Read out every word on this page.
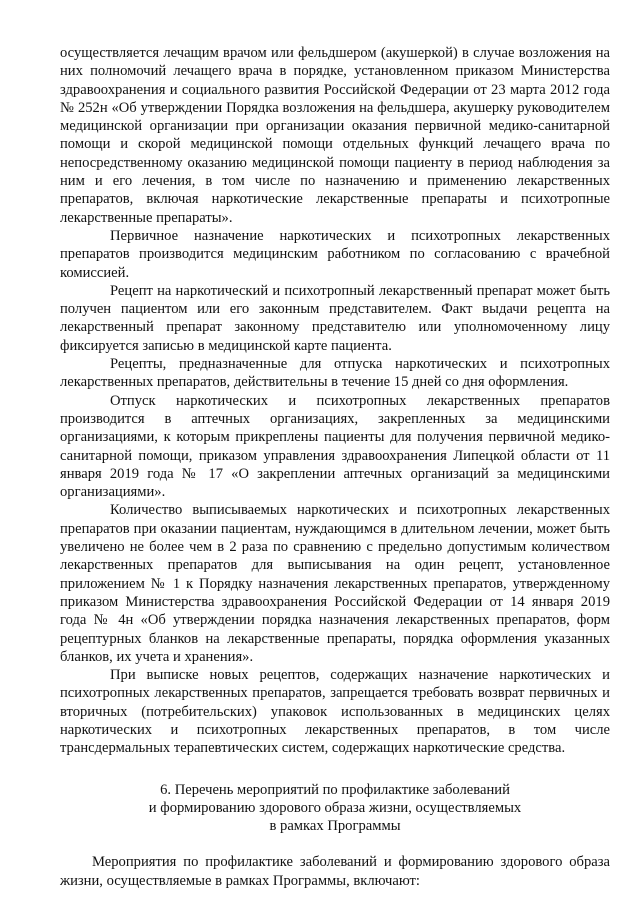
осуществляется лечащим врачом или фельдшером (акушеркой) в случае возложения на них полномочий лечащего врача в порядке, установленном приказом Министерства здравоохранения и социального развития Российской Федерации от 23 марта 2012 года № 252н «Об утверждении Порядка возложения на фельдшера, акушерку руководителем медицинской организации при организации оказания первичной медико-санитарной помощи и скорой медицинской помощи отдельных функций лечащего врача по непосредственному оказанию медицинской помощи пациенту в период наблюдения за ним и его лечения, в том числе по назначению и применению лекарственных препаратов, включая наркотические лекарственные препараты и психотропные лекарственные препараты».

Первичное назначение наркотических и психотропных лекарственных препаратов производится медицинским работником по согласованию с врачебной комиссией.

Рецепт на наркотический и психотропный лекарственный препарат может быть получен пациентом или его законным представителем. Факт выдачи рецепта на лекарственный препарат законному представителю или уполномоченному лицу фиксируется записью в медицинской карте пациента.

Рецепты, предназначенные для отпуска наркотических и психотропных лекарственных препаратов, действительны в течение 15 дней со дня оформления.

Отпуск наркотических и психотропных лекарственных препаратов производится в аптечных организациях, закрепленных за медицинскими организациями, к которым прикреплены пациенты для получения первичной медико-санитарной помощи, приказом управления здравоохранения Липецкой области от 11 января 2019 года № 17 «О закреплении аптечных организаций за медицинскими организациями».

Количество выписываемых наркотических и психотропных лекарственных препаратов при оказании пациентам, нуждающимся в длительном лечении, может быть увеличено не более чем в 2 раза по сравнению с предельно допустимым количеством лекарственных препаратов для выписывания на один рецепт, установленное приложением № 1 к Порядку назначения лекарственных препаратов, утвержденному приказом Министерства здравоохранения Российской Федерации от 14 января 2019 года № 4н «Об утверждении порядка назначения лекарственных препаратов, форм рецептурных бланков на лекарственные препараты, порядка оформления указанных бланков, их учета и хранения».

При выписке новых рецептов, содержащих назначение наркотических и психотропных лекарственных препаратов, запрещается требовать возврат первичных и вторичных (потребительских) упаковок использованных в медицинских целях наркотических и психотропных лекарственных препаратов, в том числе трансдермальных терапевтических систем, содержащих наркотические средства.

6. Перечень мероприятий по профилактике заболеваний
и формированию здорового образа жизни, осуществляемых
в рамках Программы

Мероприятия по профилактике заболеваний и формированию здорового образа жизни, осуществляемые в рамках Программы, включают:
